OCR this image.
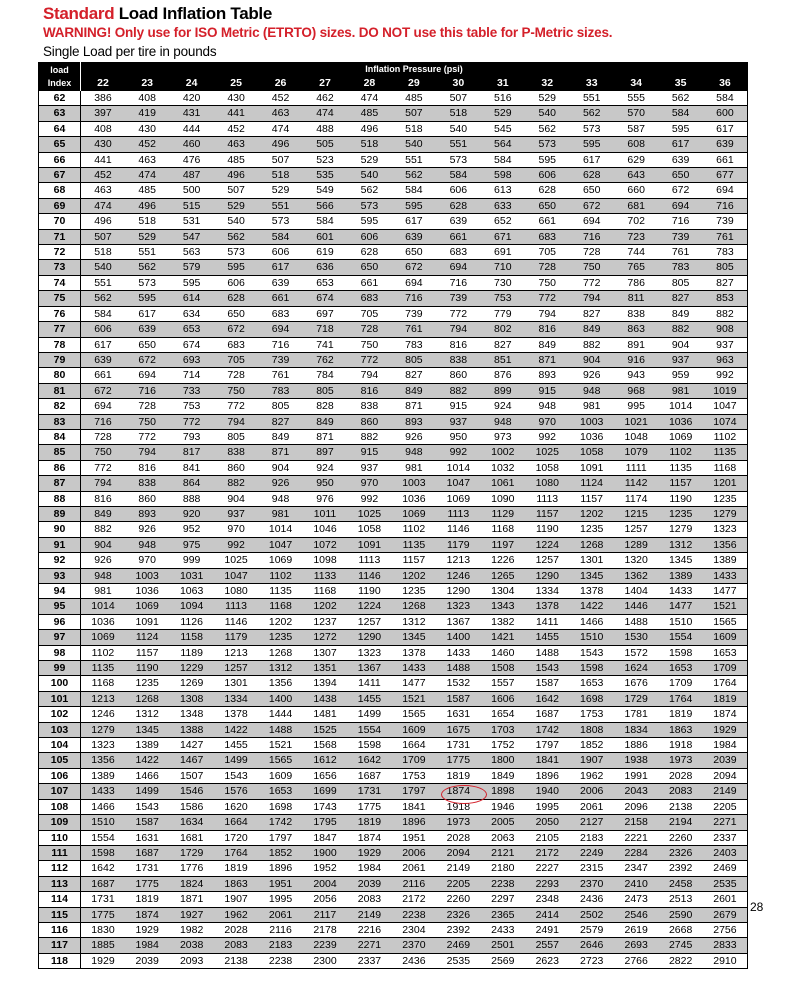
Standard Load Inflation Table
WARNING! Only use for ISO Metric (ETRTO) sizes. DO NOT use this table for P-Metric sizes.
Single Load per tire in pounds
load
Index	Inflation Pressure (psi)														
	22	23	24	25	26	27	28	29	30	31	32	33	34	35	36
62	386	408	420	430	452	462	474	485	507	516	529	551	555	562	584
63	397	419	431	441	463	474	485	507	518	529	540	562	570	584	600
64	408	430	444	452	474	488	496	518	540	545	562	573	587	595	617
65	430	452	460	463	496	505	518	540	551	564	573	595	608	617	639
66	441	463	476	485	507	523	529	551	573	584	595	617	629	639	661
67	452	474	487	496	518	535	540	562	584	598	606	628	643	650	677
68	463	485	500	507	529	549	562	584	606	613	628	650	660	672	694
69	474	496	515	529	551	566	573	595	628	633	650	672	681	694	716
70	496	518	531	540	573	584	595	617	639	652	661	694	702	716	739
71	507	529	547	562	584	601	606	639	661	671	683	716	723	739	761
72	518	551	563	573	606	619	628	650	683	691	705	728	744	761	783
73	540	562	579	595	617	636	650	672	694	710	728	750	765	783	805
74	551	573	595	606	639	653	661	694	716	730	750	772	786	805	827
75	562	595	614	628	661	674	683	716	739	753	772	794	811	827	853
76	584	617	634	650	683	697	705	739	772	779	794	827	838	849	882
77	606	639	653	672	694	718	728	761	794	802	816	849	863	882	908
78	617	650	674	683	716	741	750	783	816	827	849	882	891	904	937
79	639	672	693	705	739	762	772	805	838	851	871	904	916	937	963
80	661	694	714	728	761	784	794	827	860	876	893	926	943	959	992
81	672	716	733	750	783	805	816	849	882	899	915	948	968	981	1019
82	694	728	753	772	805	828	838	871	915	924	948	981	995	1014	1047
83	716	750	772	794	827	849	860	893	937	948	970	1003	1021	1036	1074
84	728	772	793	805	849	871	882	926	950	973	992	1036	1048	1069	1102
85	750	794	817	838	871	897	915	948	992	1002	1025	1058	1079	1102	1135
86	772	816	841	860	904	924	937	981	1014	1032	1058	1091	1111	1135	1168
87	794	838	864	882	926	950	970	1003	1047	1061	1080	1124	1142	1157	1201
88	816	860	888	904	948	976	992	1036	1069	1090	1113	1157	1174	1190	1235
89	849	893	920	937	981	1011	1025	1069	1113	1129	1157	1202	1215	1235	1279
90	882	926	952	970	1014	1046	1058	1102	1146	1168	1190	1235	1257	1279	1323
91	904	948	975	992	1047	1072	1091	1135	1179	1197	1224	1268	1289	1312	1356
92	926	970	999	1025	1069	1098	1113	1157	1213	1226	1257	1301	1320	1345	1389
93	948	1003	1031	1047	1102	1133	1146	1202	1246	1265	1290	1345	1362	1389	1433
94	981	1036	1063	1080	1135	1168	1190	1235	1290	1304	1334	1378	1404	1433	1477
95	1014	1069	1094	1113	1168	1202	1224	1268	1323	1343	1378	1422	1446	1477	1521
96	1036	1091	1126	1146	1202	1237	1257	1312	1367	1382	1411	1466	1488	1510	1565
97	1069	1124	1158	1179	1235	1272	1290	1345	1400	1421	1455	1510	1530	1554	1609
98	1102	1157	1189	1213	1268	1307	1323	1378	1433	1460	1488	1543	1572	1598	1653
99	1135	1190	1229	1257	1312	1351	1367	1433	1488	1508	1543	1598	1624	1653	1709
100	1168	1235	1269	1301	1356	1394	1411	1477	1532	1557	1587	1653	1676	1709	1764
101	1213	1268	1308	1334	1400	1438	1455	1521	1587	1606	1642	1698	1729	1764	1819
102	1246	1312	1348	1378	1444	1481	1499	1565	1631	1654	1687	1753	1781	1819	1874
103	1279	1345	1388	1422	1488	1525	1554	1609	1675	1703	1742	1808	1834	1863	1929
104	1323	1389	1427	1455	1521	1568	1598	1664	1731	1752	1797	1852	1886	1918	1984
105	1356	1422	1467	1499	1565	1612	1642	1709	1775	1800	1841	1907	1938	1973	2039
106	1389	1466	1507	1543	1609	1656	1687	1753	1819	1849	1896	1962	1991	2028	2094
107	1433	1499	1546	1576	1653	1699	1731	1797	1874	1898	1940	2006	2043	2083	2149
108	1466	1543	1586	1620	1698	1743	1775	1841	1918	1946	1995	2061	2096	2138	2205
109	1510	1587	1634	1664	1742	1795	1819	1896	1973	2005	2050	2127	2158	2194	2271
110	1554	1631	1681	1720	1797	1847	1874	1951	2028	2063	2105	2183	2221	2260	2337
111	1598	1687	1729	1764	1852	1900	1929	2006	2094	2121	2172	2249	2284	2326	2403
112	1642	1731	1776	1819	1896	1952	1984	2061	2149	2180	2227	2315	2347	2392	2469
113	1687	1775	1824	1863	1951	2004	2039	2116	2205	2238	2293	2370	2410	2458	2535
114	1731	1819	1871	1907	1995	2056	2083	2172	2260	2297	2348	2436	2473	2513	2601
115	1775	1874	1927	1962	2061	2117	2149	2238	2326	2365	2414	2502	2546	2590	2679
116	1830	1929	1982	2028	2116	2178	2216	2304	2392	2433	2491	2579	2619	2668	2756
117	1885	1984	2038	2083	2183	2239	2271	2370	2469	2501	2557	2646	2693	2745	2833
118	1929	2039	2093	2138	2238	2300	2337	2436	2535	2569	2623	2723	2766	2822	2910
28
